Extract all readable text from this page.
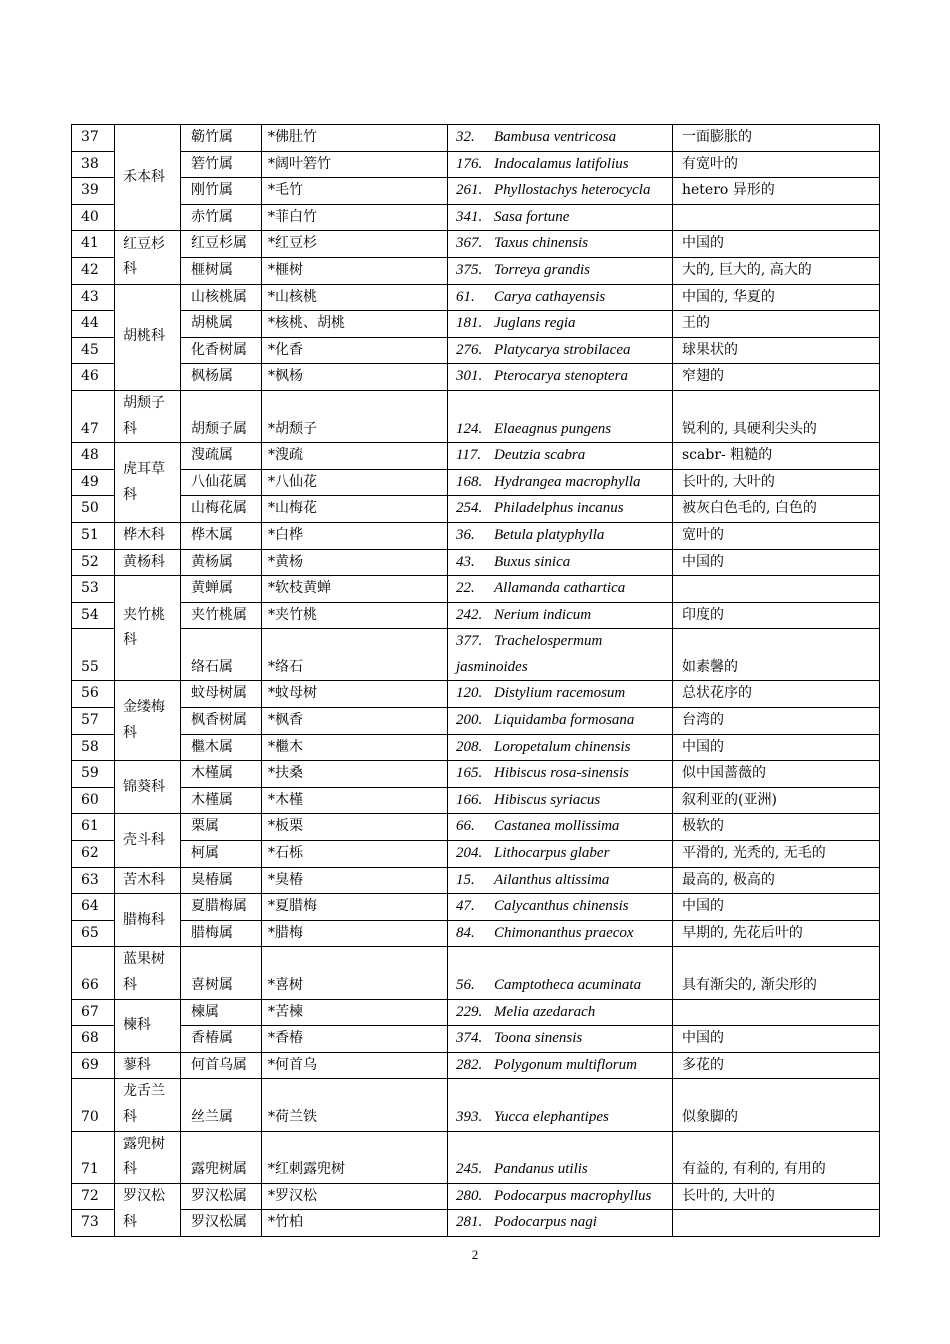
37	禾本科	簕竹属	*佛肚竹	32. Bambusa ventricosa	一面膨胀的
38		箬竹属	*阔叶箬竹	176. Indocalamus latifolius	有宽叶的
39		刚竹属	*毛竹	261. Phyllostachys heterocycla	hetero 异形的
40		赤竹属	*菲白竹	341. Sasa fortune	
41	红豆杉科	红豆杉属	*红豆杉	367. Taxus chinensis	中国的
42		榧树属	*榧树	375. Torreya grandis	大的, 巨大的, 高大的
43	胡桃科	山核桃属	*山核桃	61. Carya cathayensis	中国的, 华夏的
44		胡桃属	*核桃、胡桃	181. Juglans regia	王的
45		化香树属	*化香	276. Platycarya strobilacea	球果状的
46		枫杨属	*枫杨	301. Pterocarya stenoptera	窄翅的
47	胡颓子科	胡颓子属	*胡颓子	124. Elaeagnus pungens	锐利的, 具硬利尖头的
48	虎耳草科	溲疏属	*溲疏	117. Deutzia scabra	scabr- 粗糙的
49		八仙花属	*八仙花	168. Hydrangea macrophylla	长叶的, 大叶的
50		山梅花属	*山梅花	254. Philadelphus incanus	被灰白色毛的, 白色的
51	桦木科	桦木属	*白桦	36. Betula platyphylla	宽叶的
52	黄杨科	黄杨属	*黄杨	43. Buxus sinica	中国的
53	夹竹桃科	黄蝉属	*软枝黄蝉	22. Allamanda cathartica	
54		夹竹桃属	*夹竹桃	242. Nerium indicum	印度的
55		络石属	*络石	377. Trachelospermum jasminoides	如素馨的
56	金缕梅科	蚊母树属	*蚊母树	120. Distylium racemosum	总状花序的
57		枫香树属	*枫香	200. Liquidamba formosana	台湾的
58		檵木属	*檵木	208. Loropetalum chinensis	中国的
59	锦葵科	木槿属	*扶桑	165. Hibiscus rosa-sinensis	似中国蔷薇的
60		木槿属	*木槿	166. Hibiscus syriacus	叙利亚的(亚洲)
61	壳斗科	栗属	*板栗	66. Castanea mollissima	极软的
62		柯属	*石栎	204. Lithocarpus glaber	平滑的, 光秃的, 无毛的
63	苦木科	臭椿属	*臭椿	15. Ailanthus altissima	最高的, 极高的
64	腊梅科	夏腊梅属	*夏腊梅	47. Calycanthus chinensis	中国的
65		腊梅属	*腊梅	84. Chimonanthus praecox	早期的, 先花后叶的
66	蓝果树科	喜树属	*喜树	56. Camptotheca acuminata	具有渐尖的, 渐尖形的
67	楝科	楝属	*苦楝	229. Melia azedarach	
68		香椿属	*香椿	374. Toona sinensis	中国的
69	蓼科	何首乌属	*何首乌	282. Polygonum multiflorum	多花的
70	龙舌兰科	丝兰属	*荷兰铁	393. Yucca elephantipes	似象脚的
71	露兜树科	露兜树属	*红刺露兜树	245. Pandanus utilis	有益的, 有利的, 有用的
72	罗汉松科	罗汉松属	*罗汉松	280. Podocarpus macrophyllus	长叶的, 大叶的
73		罗汉松属	*竹柏	281. Podocarpus nagi	
2
